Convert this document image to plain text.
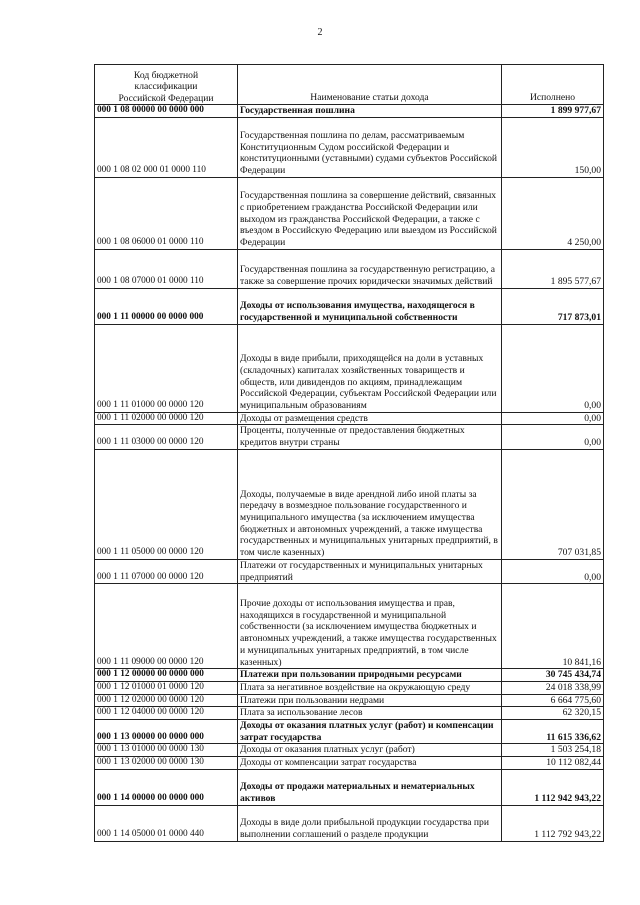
2
Код бюджетной
классификации
Российской Федерации	Наименование статьи дохода	Исполнено
000 1 08 00000 00 0000 000	Государственная пошлина	1 899 977,67
000 1 08 02 000 01 0000 110	Государственная пошлина по делам, рассматриваемым Конституционным Судом российской Федерации и конституционными (уставными) судами субъектов Российской Федерации	150,00
000 1 08 06000 01 0000 110	Государственная пошлина за совершение действий, связанных с приобретением гражданства Российской Федерации или выходом из гражданства Российской Федерации, а также с въездом в Российскую Федерацию или выездом из Российской Федерации	4 250,00
000 1 08 07000 01 0000 110	Государственная пошлина за государственную регистрацию, а также за совершение прочих юридически значимых действий	1 895 577,67
000 1 11 00000 00 0000 000	Доходы от использования имущества, находящегося в государственной и муниципальной собственности	717 873,01
000 1 11 01000 00 0000 120	Доходы в виде прибыли, приходящейся на доли в уставных (складочных) капиталах хозяйственных товариществ и обществ, или дивидендов по акциям, принадлежащим Российской Федерации, субъектам Российской Федерации или муниципальным образованиям	0,00
000 1 11 02000 00 0000 120	Доходы от размещения средств	0,00
000 1 11 03000 00 0000 120	Проценты, полученные от предоставления бюджетных кредитов внутри страны	0,00
000 1 11 05000 00 0000 120	Доходы, получаемые в виде арендной либо иной платы за передачу в возмездное пользование государственного и муниципального имущества (за исключением имущества бюджетных и автономных учреждений, а также имущества государственных и муниципальных унитарных предприятий, в том числе казенных)	707 031,85
000 1 11 07000 00 0000 120	Платежи от государственных и муниципальных унитарных предприятий	0,00
000 1 11 09000 00 0000 120	Прочие доходы от использования имущества и прав, находящихся в государственной и муниципальной собственности (за исключением имущества бюджетных и автономных учреждений, а также имущества государственных и муниципальных унитарных предприятий, в том числе казенных)	10 841,16
000 1 12 00000 00 0000 000	Платежи при пользовании природными ресурсами	30 745 434,74
000 1 12 01000 01 0000 120	Плата за негативное воздействие на окружающую среду	24 018 338,99
000 1 12 02000 00 0000 120	Платежи при пользовании недрами	6 664 775,60
000 1 12 04000 00 0000 120	Плата за использование лесов	62 320,15
000 1 13 00000 00 0000 000	Доходы от оказания платных услуг (работ) и компенсации затрат государства	11 615 336,62
000 1 13 01000 00 0000 130	Доходы от оказания платных услуг (работ)	1 503 254,18
000 1 13 02000 00 0000 130	Доходы от компенсации затрат государства	10 112 082,44
000 1 14 00000 00 0000 000	Доходы от продажи материальных и нематериальных активов	1 112 942 943,22
000 1 14 05000 01 0000 440	Доходы в виде доли прибыльной продукции государства при выполнении соглашений о разделе продукции	1 112 792 943,22
